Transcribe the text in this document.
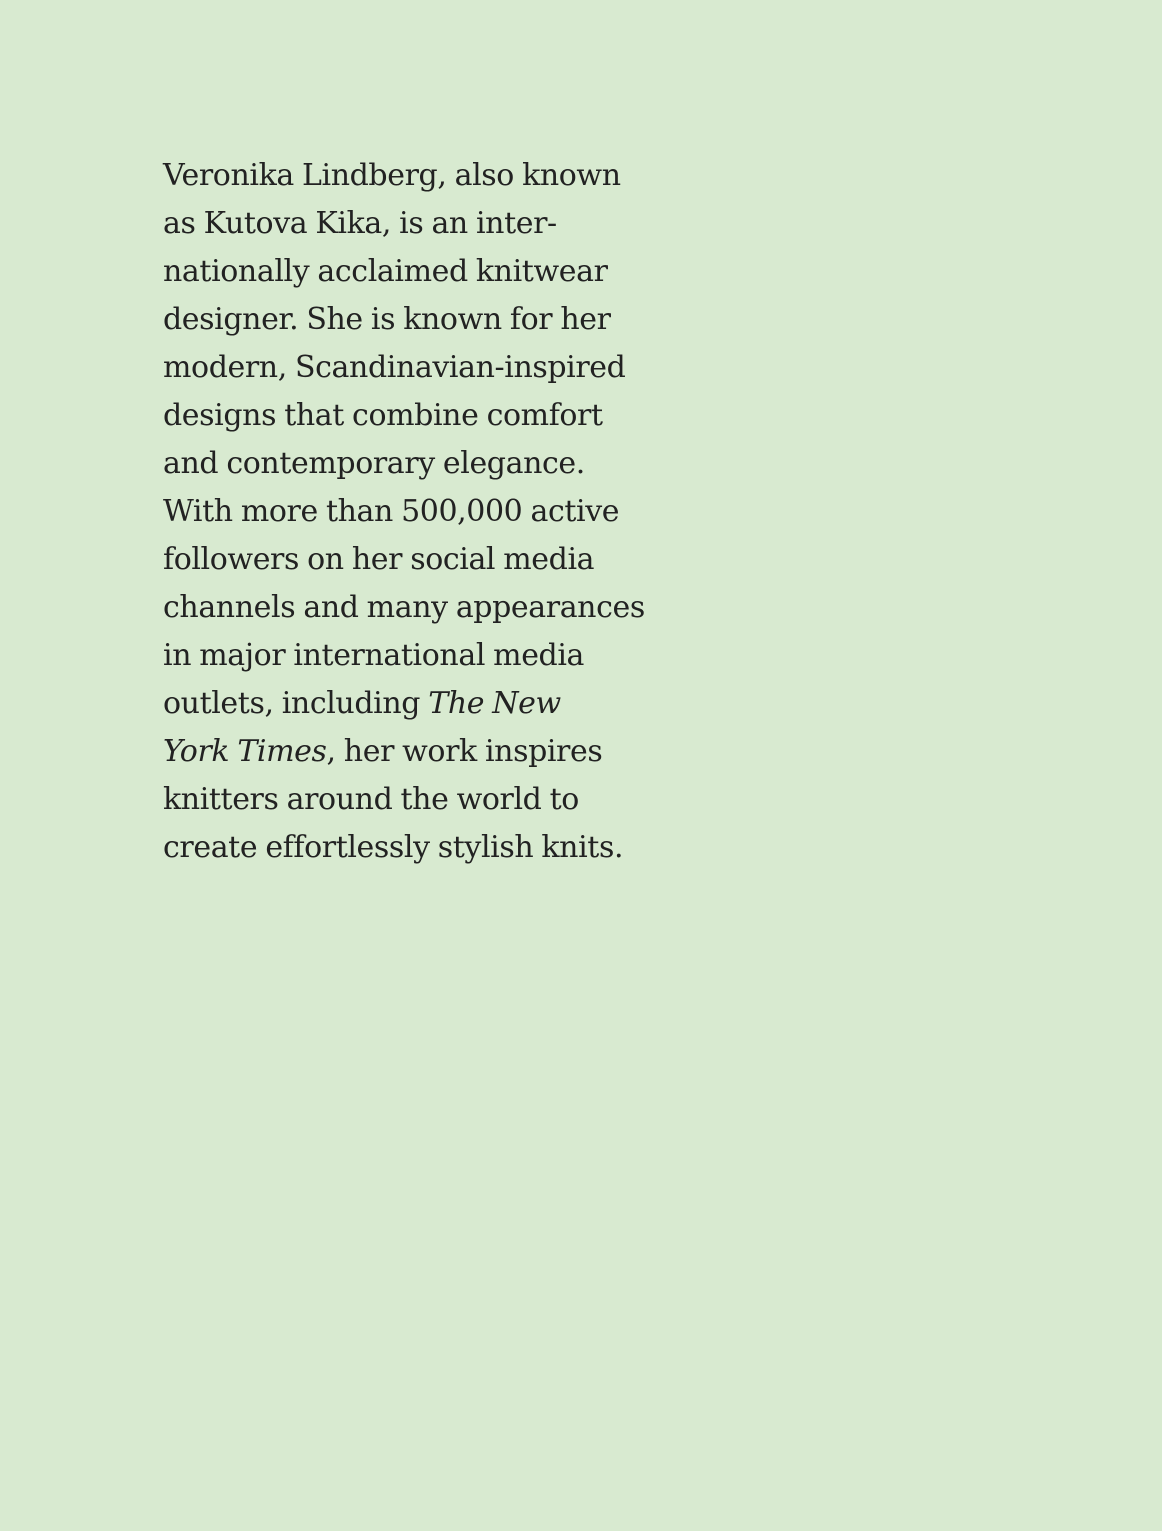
Veronika Lindberg, also known
as Kutova Kika, is an inter-
nationally acclaimed knitwear
designer. She is known for her
modern, Scandinavian-inspired
designs that combine comfort
and contemporary elegance.
With more than 500,000 active
followers on her social media
channels and many appearances
in major international media
outlets, including The New
York Times, her work inspires
knitters around the world to
create effortlessly stylish knits.
